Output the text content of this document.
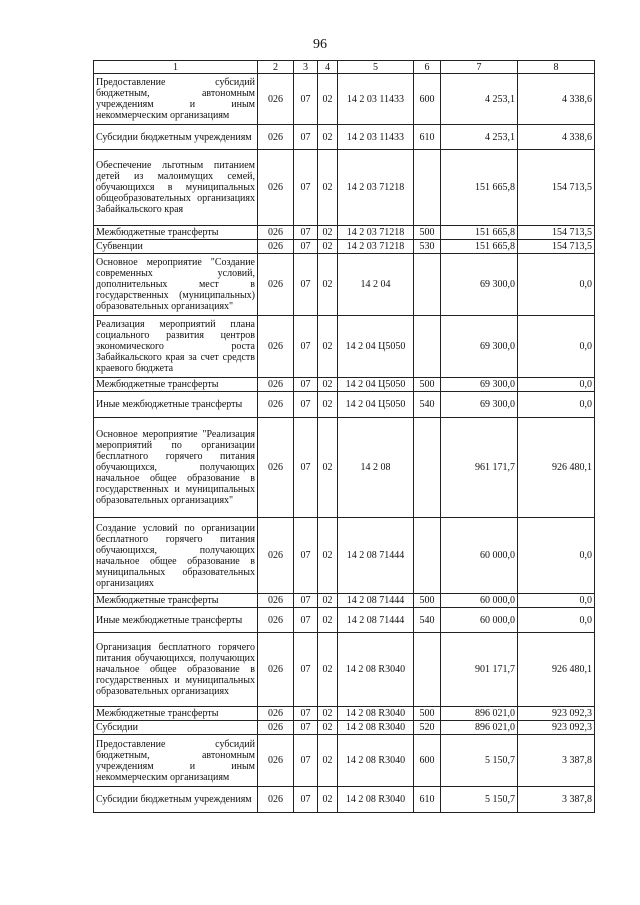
96
1	2	3	4	5	6	7	8
Предоставление субсидий бюджетным, автономным учреждениям и иным некоммерческим организациям	026	07	02	14 2 03 11433	600	4 253,1	4 338,6
Субсидии бюджетным учреждениям	026	07	02	14 2 03 11433	610	4 253,1	4 338,6
Обеспечение льготным питанием детей из малоимущих семей, обучающихся в муниципальных общеобразовательных организациях Забайкальского края	026	07	02	14 2 03 71218		151 665,8	154 713,5
Межбюджетные трансферты	026	07	02	14 2 03 71218	500	151 665,8	154 713,5
Субвенции	026	07	02	14 2 03 71218	530	151 665,8	154 713,5
Основное мероприятие "Создание современных условий, дополнительных мест в государственных (муниципальных) образовательных организациях"	026	07	02	14 2 04		69 300,0	0,0
Реализация мероприятий плана социального развития центров экономического роста Забайкальского края за счет средств краевого бюджета	026	07	02	14 2 04 Ц5050		69 300,0	0,0
Межбюджетные трансферты	026	07	02	14 2 04 Ц5050	500	69 300,0	0,0
Иные межбюджетные трансферты	026	07	02	14 2 04 Ц5050	540	69 300,0	0,0
Основное мероприятие "Реализация мероприятий по организации бесплатного горячего питания обучающихся, получающих начальное общее образование в государственных и муниципальных образовательных организациях"	026	07	02	14 2 08		961 171,7	926 480,1
Создание условий по организации бесплатного горячего питания обучающихся, получающих начальное общее образование в муниципальных образовательных организациях	026	07	02	14 2 08 71444		60 000,0	0,0
Межбюджетные трансферты	026	07	02	14 2 08 71444	500	60 000,0	0,0
Иные межбюджетные трансферты	026	07	02	14 2 08 71444	540	60 000,0	0,0
Организация бесплатного горячего питания обучающихся, получающих начальное общее образование в государственных и муниципальных образовательных организациях	026	07	02	14 2 08 R3040		901 171,7	926 480,1
Межбюджетные трансферты	026	07	02	14 2 08 R3040	500	896 021,0	923 092,3
Субсидии	026	07	02	14 2 08 R3040	520	896 021,0	923 092,3
Предоставление субсидий бюджетным, автономным учреждениям и иным некоммерческим организациям	026	07	02	14 2 08 R3040	600	5 150,7	3 387,8
Субсидии бюджетным учреждениям	026	07	02	14 2 08 R3040	610	5 150,7	3 387,8
